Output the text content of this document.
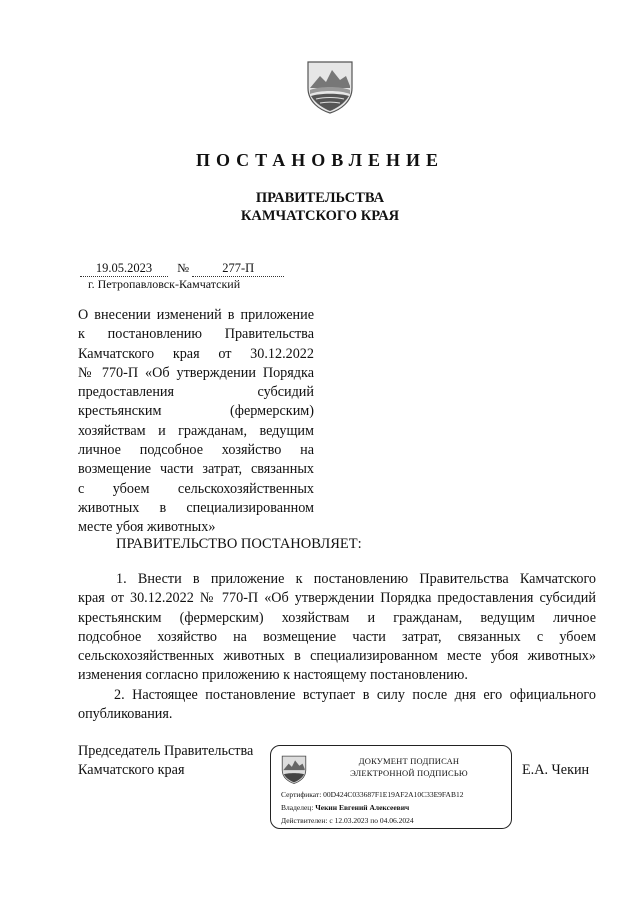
ПОСТАНОВЛЕНИЕ
ПРАВИТЕЛЬСТВА
КАМЧАТСКОГО КРАЯ
19.05.2023 №	277-П
г. Петропавловск-Камчатский
О внесении изменений в приложение
к постановлению Правительства
Камчатского края от 30.12.2022
№ 770-П «Об утверждении Порядка
предоставления субсидий
крестьянским (фермерским)
хозяйствам и гражданам, ведущим
личное подсобное хозяйство на
возмещение части затрат, связанных
с убоем сельскохозяйственных
животных в специализированном
месте убоя животных»
ПРАВИТЕЛЬСТВО ПОСТАНОВЛЯЕТ:
1. Внести в приложение к постановлению Правительства Камчатского
края от 30.12.2022 № 770-П «Об утверждении Порядка предоставления субсидий
крестьянским (фермерским) хозяйствам и гражданам, ведущим личное
подсобное хозяйство на возмещение части затрат, связанных с убоем
сельскохозяйственных животных в специализированном месте убоя животных»
изменения согласно приложению к настоящему постановлению.
2. Настоящее постановление вступает в силу после дня его официального
опубликования.
Председатель Правительства
Камчатского края	Е.А. Чекин
ДОКУМЕНТ ПОДПИСАН
ЭЛЕКТРОННОЙ ПОДПИСЬЮ
Сертификат: 00D424C033687F1E19AF2A10C33E9FAB12
Владелец: Чекин Евгений Алексеевич
Действителен: с 12.03.2023 по 04.06.2024
